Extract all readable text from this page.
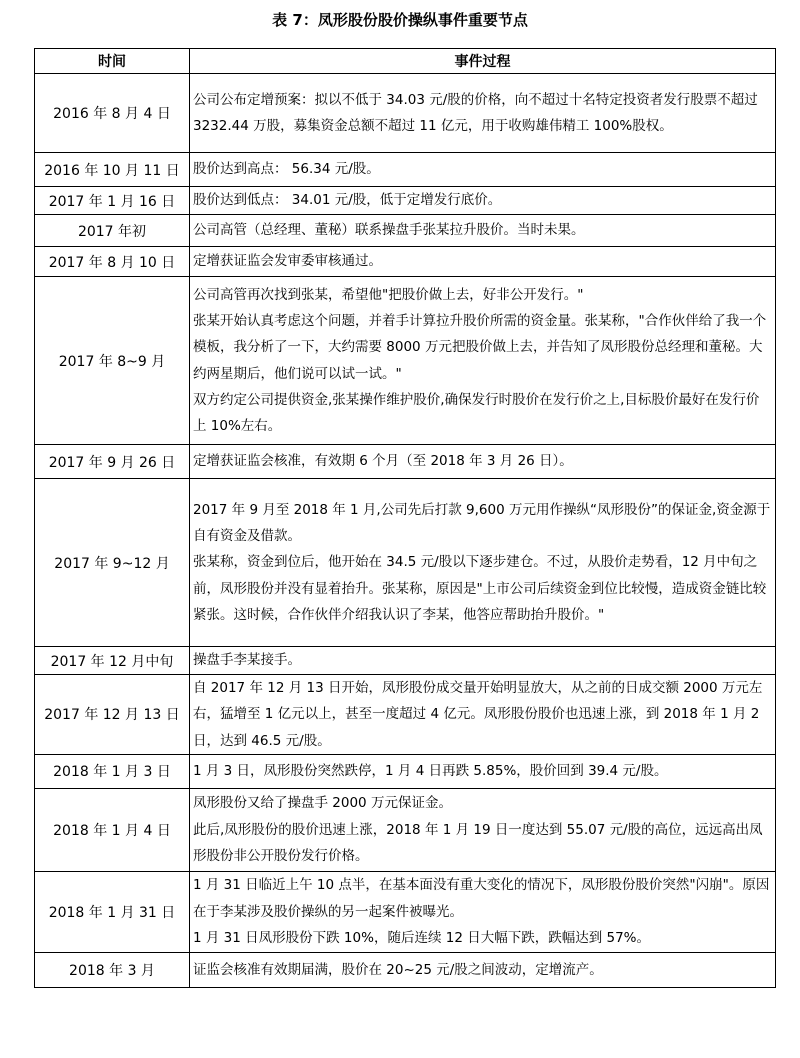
表 7：凤形股份股价操纵事件重要节点
时间	事件过程
2016 年 8 月 4 日	公司公布定增预案：拟以不低于 34.03 元/股的价格，向不超过十名特定投资者发行股票不超过 3232.44 万股，募集资金总额不超过 11 亿元，用于收购雄伟精工 100%股权。

2016 年 10 月 11 日	股价达到高点： 56.34 元/股。

2017 年 1 月 16 日	股价达到低点： 34.01 元/股，低于定增发行底价。

2017 年初	公司高管（总经理、董秘）联系操盘手张某拉升股价。当时未果。

2017 年 8 月 10 日	定增获证监会发审委审核通过。

2017 年 8~9 月	公司高管再次找到张某，希望他"把股价做上去，好非公开发行。"
张某开始认真考虑这个问题，并着手计算拉升股价所需的资金量。张某称，"合作伙伴给了我一个模板，我分析了一下，大约需要 8000 万元把股价做上去，并告知了凤形股份总经理和董秘。大约两星期后，他们说可以试一试。"
双方约定公司提供资金,张某操作维护股价,确保发行时股价在发行价之上,目标股价最好在发行价上 10%左右。

2017 年 9 月 26 日	定增获证监会核准，有效期 6 个月（至 2018 年 3 月 26 日）。

2017 年 9~12 月	2017 年 9 月至 2018 年 1 月,公司先后打款 9,600 万元用作操纵“凤形股份”的保证金,资金源于自有资金及借款。
张某称，资金到位后，他开始在 34.5 元/股以下逐步建仓。不过，从股价走势看，12 月中旬之前，凤形股份并没有显着抬升。张某称，原因是"上市公司后续资金到位比较慢，造成资金链比较紧张。这时候，合作伙伴介绍我认识了李某，他答应帮助抬升股价。"

2017 年 12 月中旬	操盘手李某接手。

2017 年 12 月 13 日	自 2017 年 12 月 13 日开始，凤形股份成交量开始明显放大，从之前的日成交额 2000 万元左右，猛增至 1 亿元以上，甚至一度超过 4 亿元。凤形股份股价也迅速上涨，到 2018 年 1 月 2 日，达到 46.5 元/股。

2018 年 1 月 3 日	1 月 3 日，凤形股份突然跌停，1 月 4 日再跌 5.85%，股价回到 39.4 元/股。

2018 年 1 月 4 日	凤形股份又给了操盘手 2000 万元保证金。
此后,凤形股份的股价迅速上涨，2018 年 1 月 19 日一度达到 55.07 元/股的高位，远远高出凤形股份非公开股份发行价格。

2018 年 1 月 31 日	1 月 31 日临近上午 10 点半，在基本面没有重大变化的情况下，凤形股份股价突然"闪崩"。原因在于李某涉及股价操纵的另一起案件被曝光。
1 月 31 日凤形股份下跌 10%，随后连续 12 日大幅下跌，跌幅达到 57%。

2018 年 3 月	证监会核准有效期届满，股价在 20~25 元/股之间波动，定增流产。
